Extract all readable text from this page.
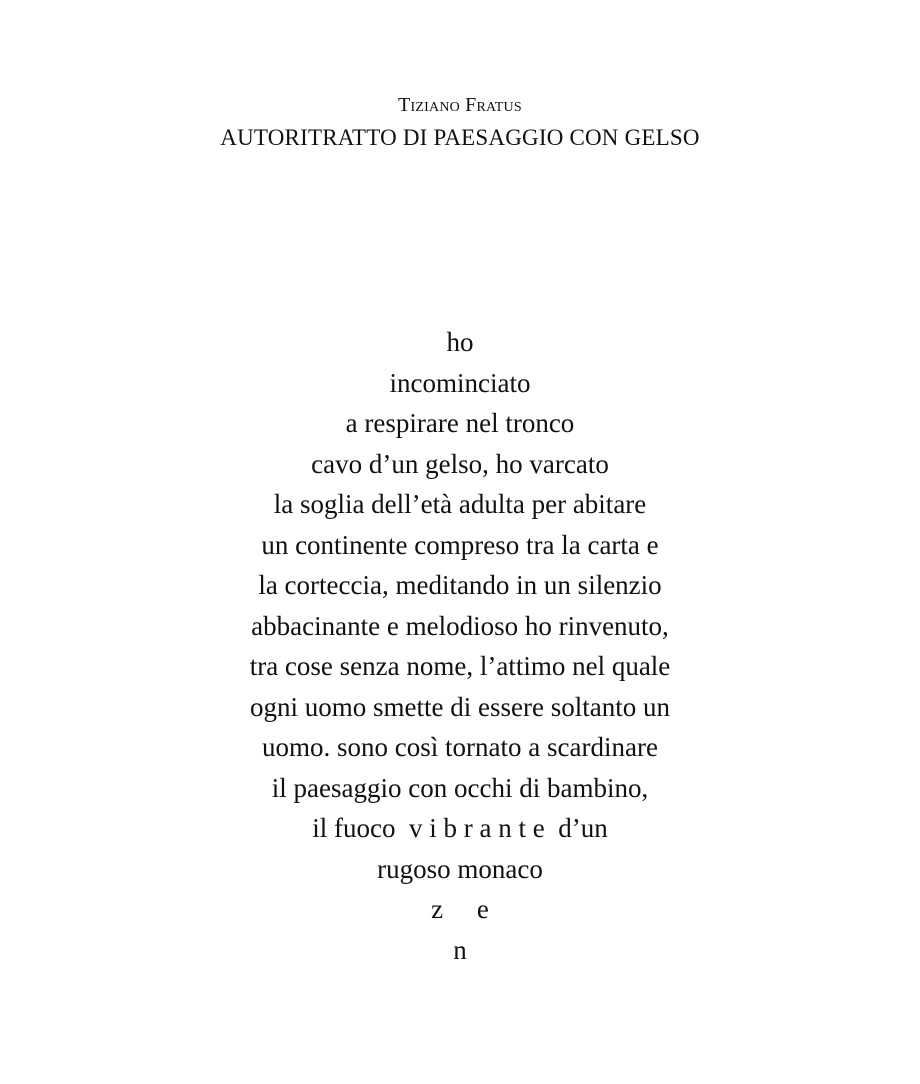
Tiziano Fratus
AUTORITRATTO DI PAESAGGIO CON GELSO
ho
incominciato
a respirare nel tronco
cavo d’un gelso, ho varcato
la soglia dell’età adulta per abitare
un continente compreso tra la carta e
la corteccia, meditando in un silenzio
abbacinante e melodioso ho rinvenuto,
tra cose senza nome, l’attimo nel quale
ogni uomo smette di essere soltanto un
uomo. sono così tornato a scardinare
il paesaggio con occhi di bambino,
il fuoco  v i b r a n t e  d’un
rugoso monaco
z     e
n
